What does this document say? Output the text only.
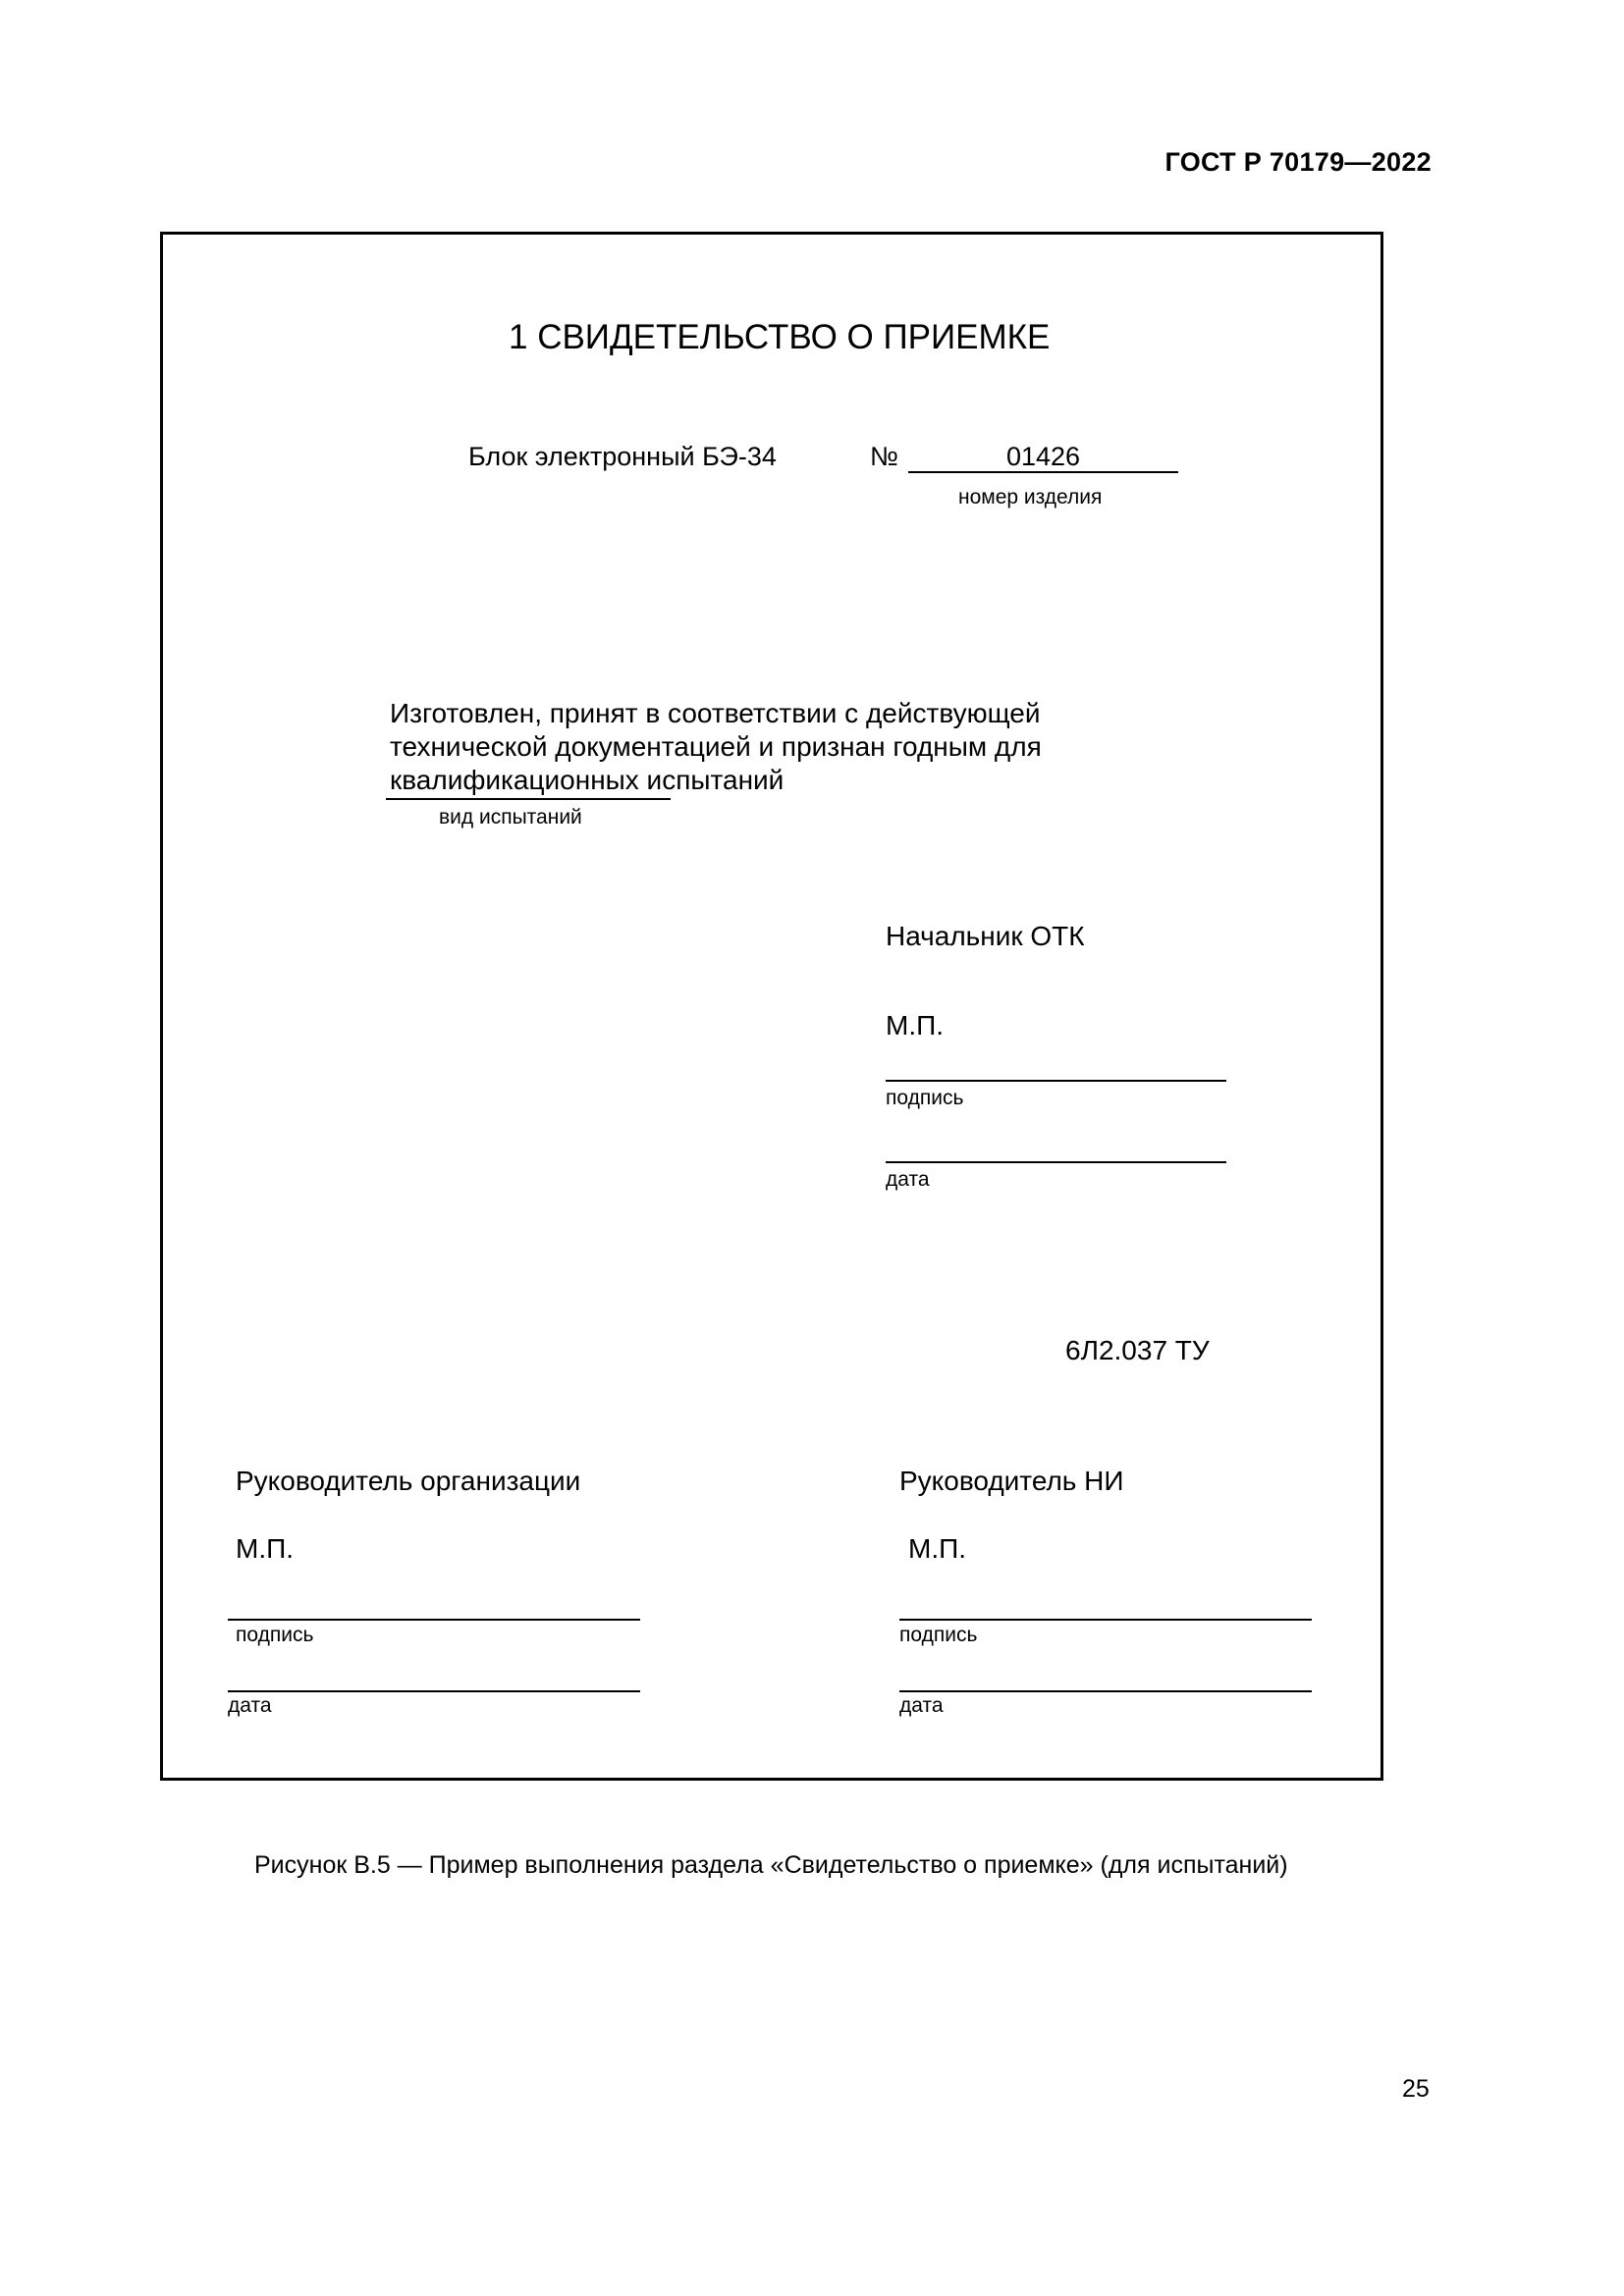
ГОСТ Р 70179—2022
1 СВИДЕТЕЛЬСТВО О ПРИЕМКЕ
Блок электронный БЭ-34	№	01426
номер изделия
Изготовлен, принят в соответствии с действующей
технической документацией и признан годным для
квалификационных испытаний
вид испытаний
Начальник ОТК
М.П.
подпись
дата
6Л2.037 ТУ
Руководитель организации
М.П.
подпись
дата
Руководитель НИ
М.П.
подпись
дата
Рисунок В.5 — Пример выполнения раздела «Свидетельство о приемке» (для испытаний)
25
